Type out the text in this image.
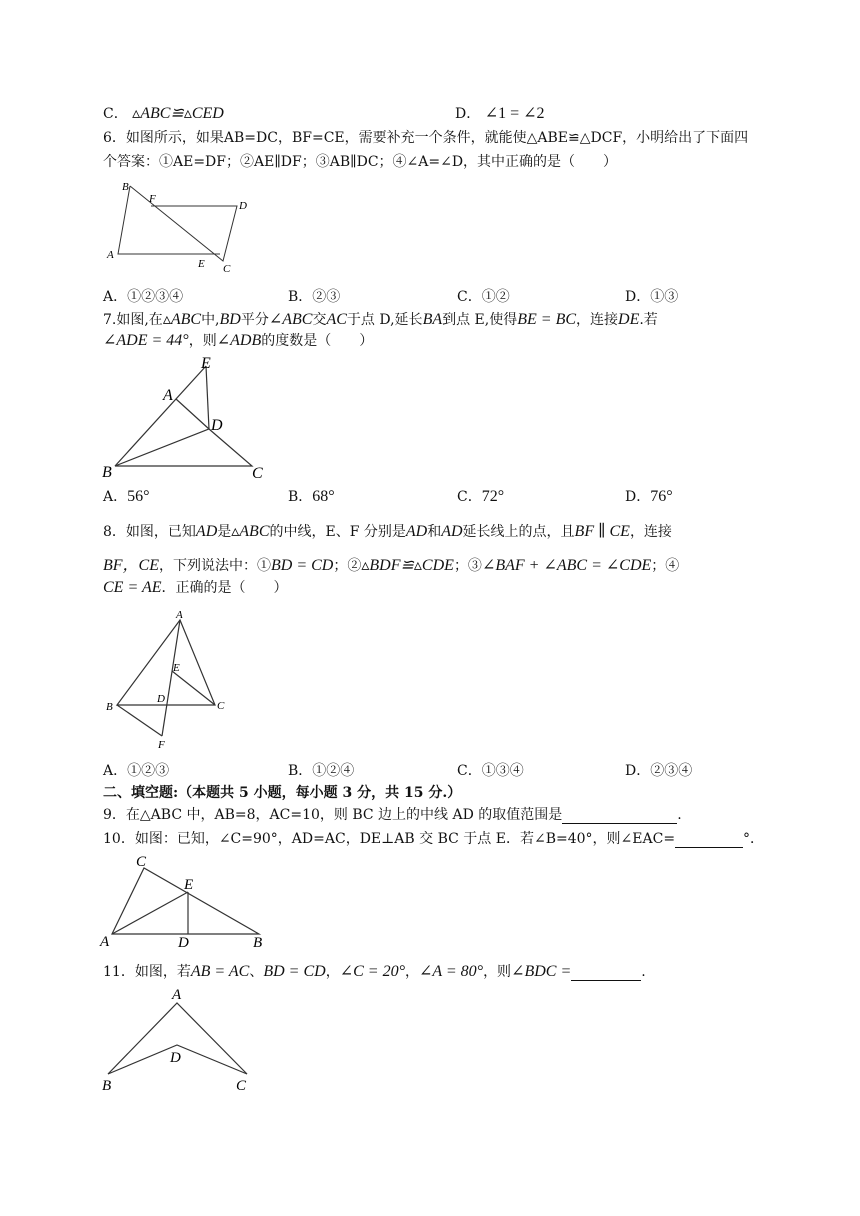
C． ▵ABC≌▵CED	D． ∠1 = ∠2
6．如图所示，如果AB=DC，BF=CE，需要补充一个条件，就能使△ABE≌△DCF，小明给出了下面四
个答案：①AE=DF；②AE∥DF；③AB∥DC；④∠A=∠D，其中正确的是（　　）
B
F
D
A
E C
A．①②③④	B．②③	C．①②	D．①③
7.如图,在▵ABC中,BD平分∠ABC交AC于点 D,延长BA到点 E,使得BE = BC，连接DE.若
∠ADE = 44°，则∠ADB的度数是（　　）
E
A
D
B	C
A．56°	B．68°	C．72°	D．76°
8．如图，已知AD是▵ABC的中线，E、F 分别是AD和AD延长线上的点，且BF ∥ CE，连接
BF，CE，下列说法中：①BD = CD；②▵BDF≌▵CDE；③∠BAF + ∠ABC = ∠CDE；④
CE = AE．正确的是（　　）
A
E
B
D
C
F
A．①②③	B．①②④	C．①③④	D．②③④
二、填空题:（本题共 5 小题，每小题 3 分，共 15 分.）
9．在△ABC 中，AB=8，AC=10，则 BC 边上的中线 AD 的取值范围是	.
10．如图：已知，∠C=90°，AD=AC，DE⊥AB 交 BC 于点 E．若∠B=40°，则∠EAC=	°．
C
E
A	D	B
11．如图，若AB = AC、BD = CD，∠C = 20°，∠A = 80°，则∠BDC =	.
A
D
B	C
